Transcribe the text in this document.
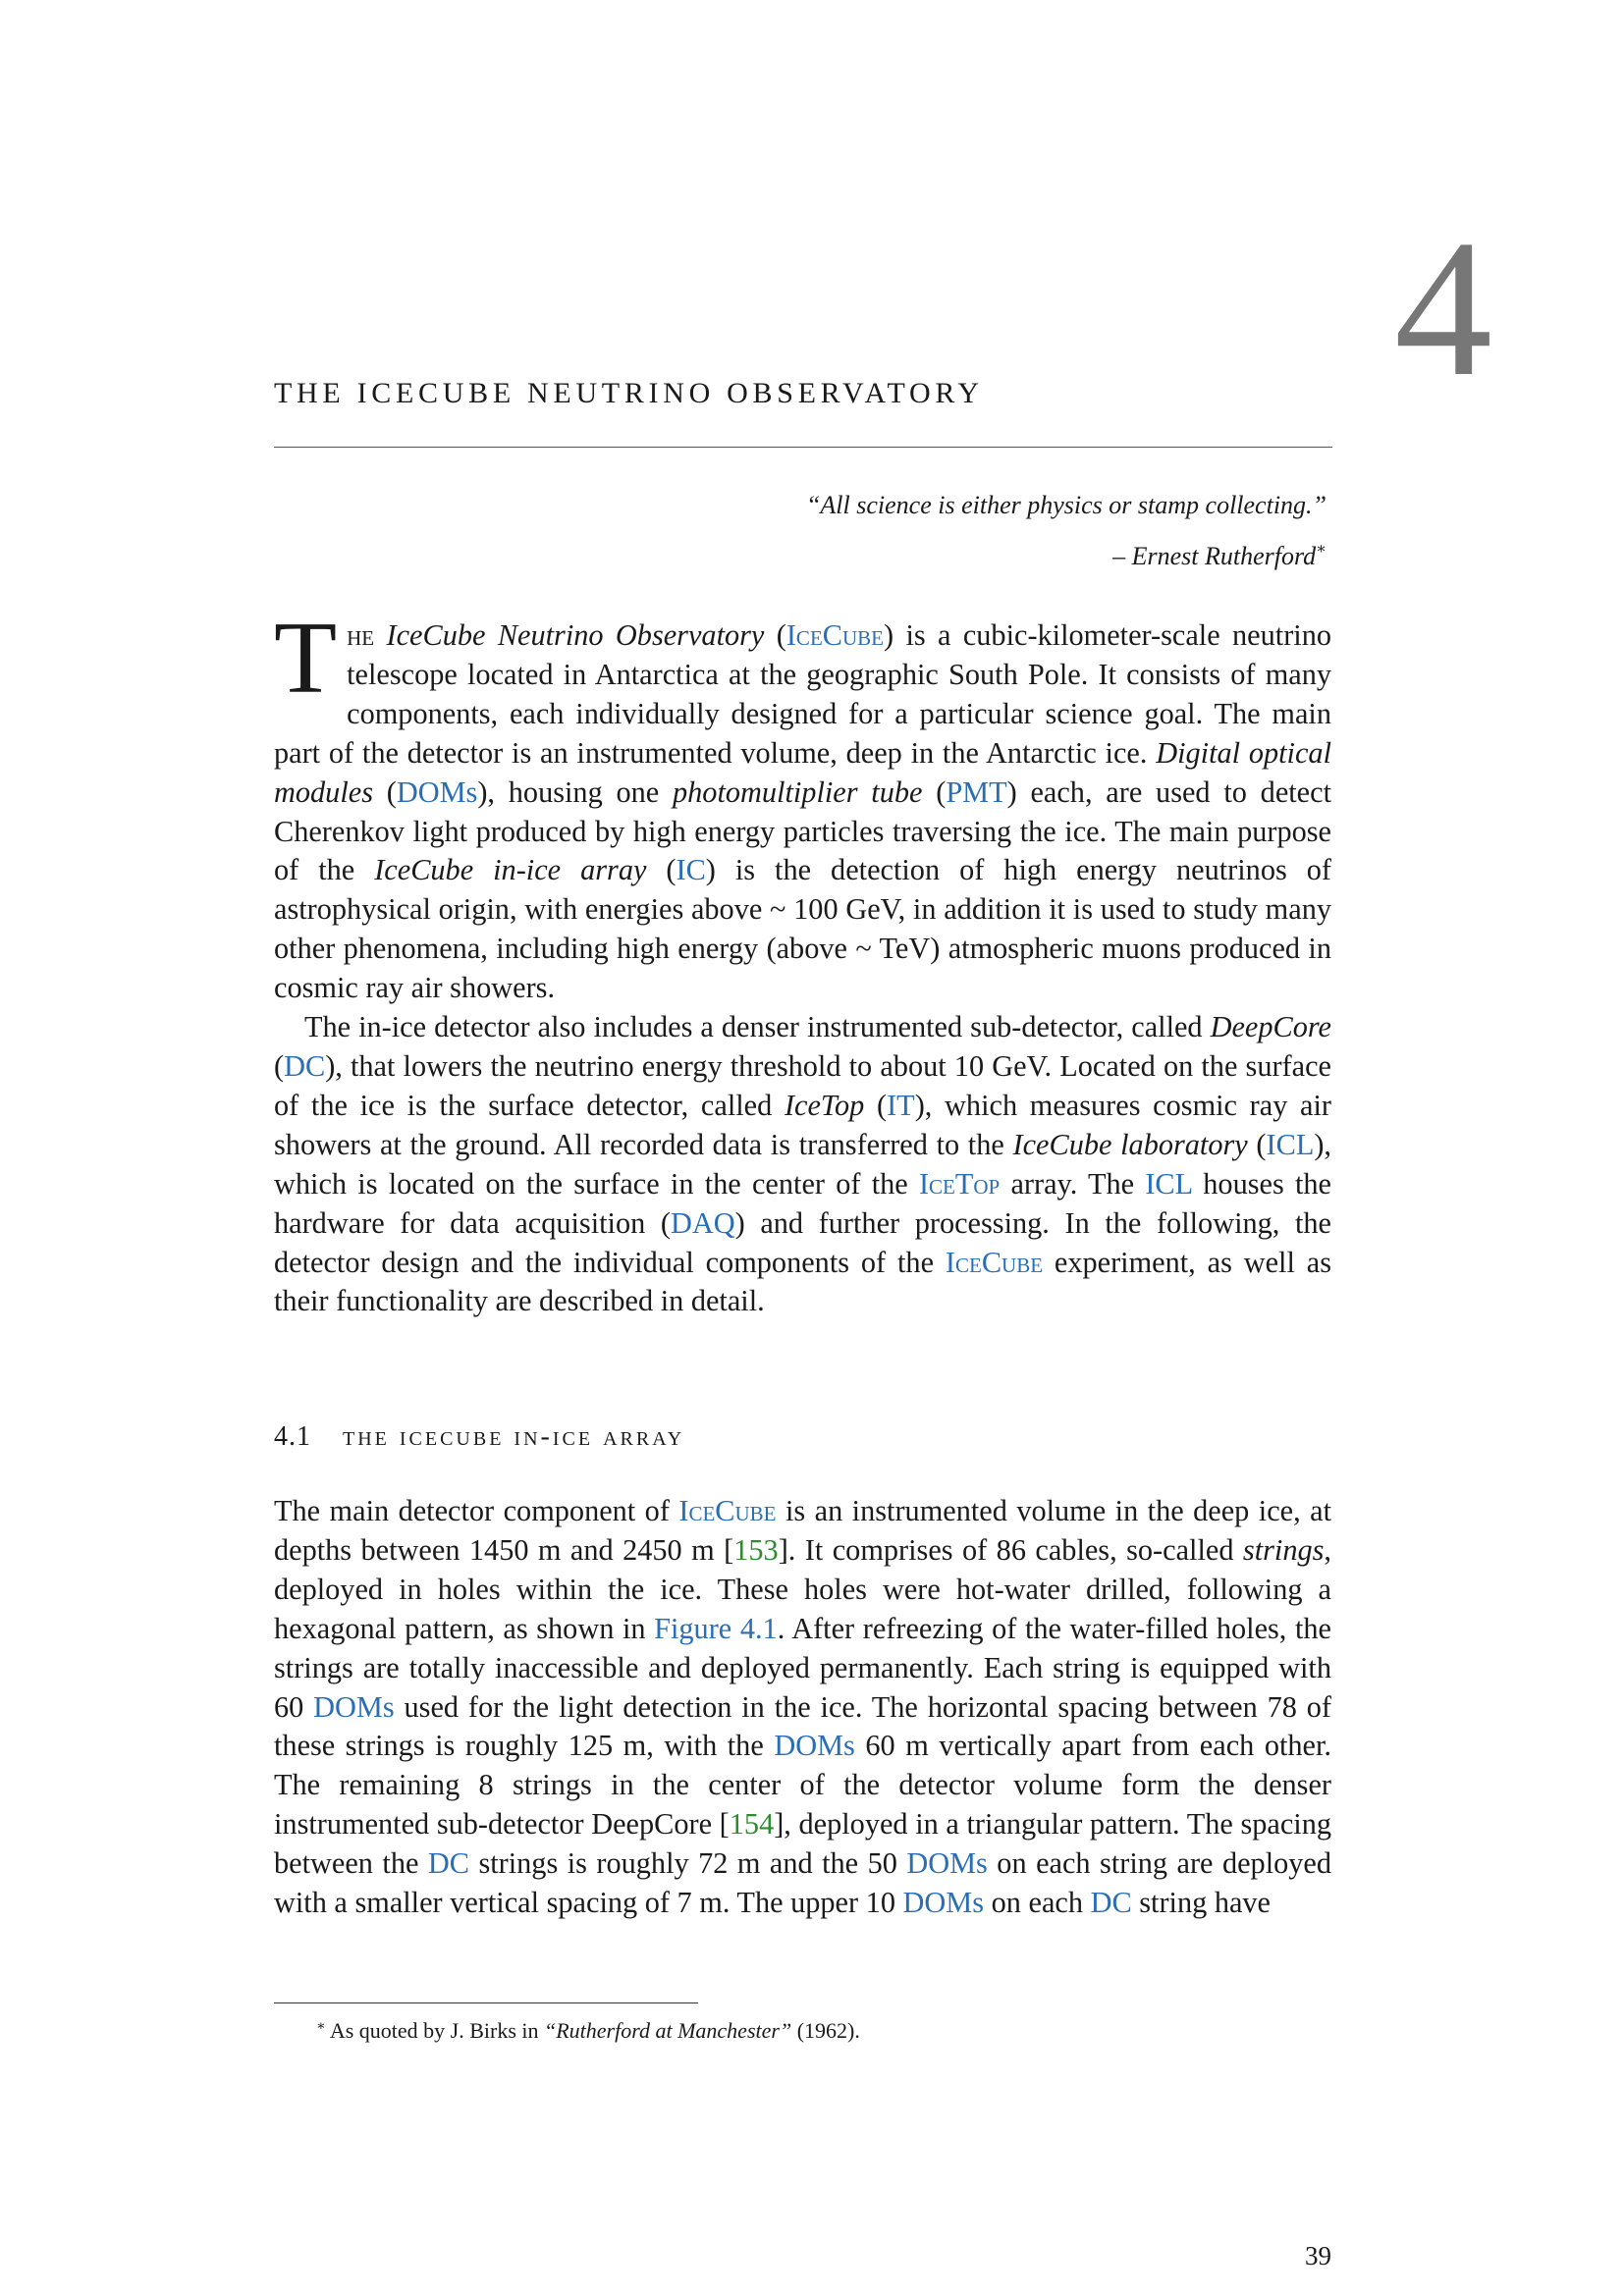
4
THE ICECUBE NEUTRINO OBSERVATORY
“All science is either physics or stamp collecting.”
– Ernest Rutherford∗

The IceCube Neutrino Observatory (IceCube) is a cubic-kilometer-scale neutrino telescope located in Antarctica at the geographic South Pole. It consists of many components, each individually designed for a particular science goal. The main part of the detector is an instrumented volume, deep in the Antarctic ice. Digital optical modules (DOMs), housing one photomultiplier tube (PMT) each, are used to detect Cherenkov light produced by high energy particles traversing the ice. The main purpose of the IceCube in-ice array (IC) is the detection of high energy neutrinos of astrophysical origin, with energies above ~ 100 GeV, in addition it is used to study many other phenomena, including high energy (above ~ TeV) atmospheric muons produced in cosmic ray air showers.

The in-ice detector also includes a denser instrumented sub-detector, called DeepCore (DC), that lowers the neutrino energy threshold to about 10 GeV. Located on the surface of the ice is the surface detector, called IceTop (IT), which measures cosmic ray air showers at the ground. All recorded data is transferred to the IceCube laboratory (ICL), which is located on the surface in the center of the IceTop array. The ICL houses the hardware for data acquisition (DAQ) and further processing. In the following, the detector design and the individual components of the IceCube experiment, as well as their functionality are described in detail.

4.1 the icecube in-ice array

The main detector component of IceCube is an instrumented volume in the deep ice, at depths between 1450 m and 2450 m [153]. It comprises of 86 cables, so-called strings, deployed in holes within the ice. These holes were hot-water drilled, following a hexagonal pattern, as shown in Figure 4.1. After refreezing of the water-filled holes, the strings are totally inaccessible and deployed permanently. Each string is equipped with 60 DOMs used for the light detection in the ice. The horizontal spacing between 78 of these strings is roughly 125 m, with the DOMs 60 m vertically apart from each other. The remaining 8 strings in the center of the detector volume form the denser instrumented sub-detector DeepCore [154], deployed in a triangular pattern. The spacing between the DC strings is roughly 72 m and the 50 DOMs on each string are deployed with a smaller vertical spacing of 7 m. The upper 10 DOMs on each DC string have

∗ As quoted by J. Birks in “Rutherford at Manchester” (1962).
39
